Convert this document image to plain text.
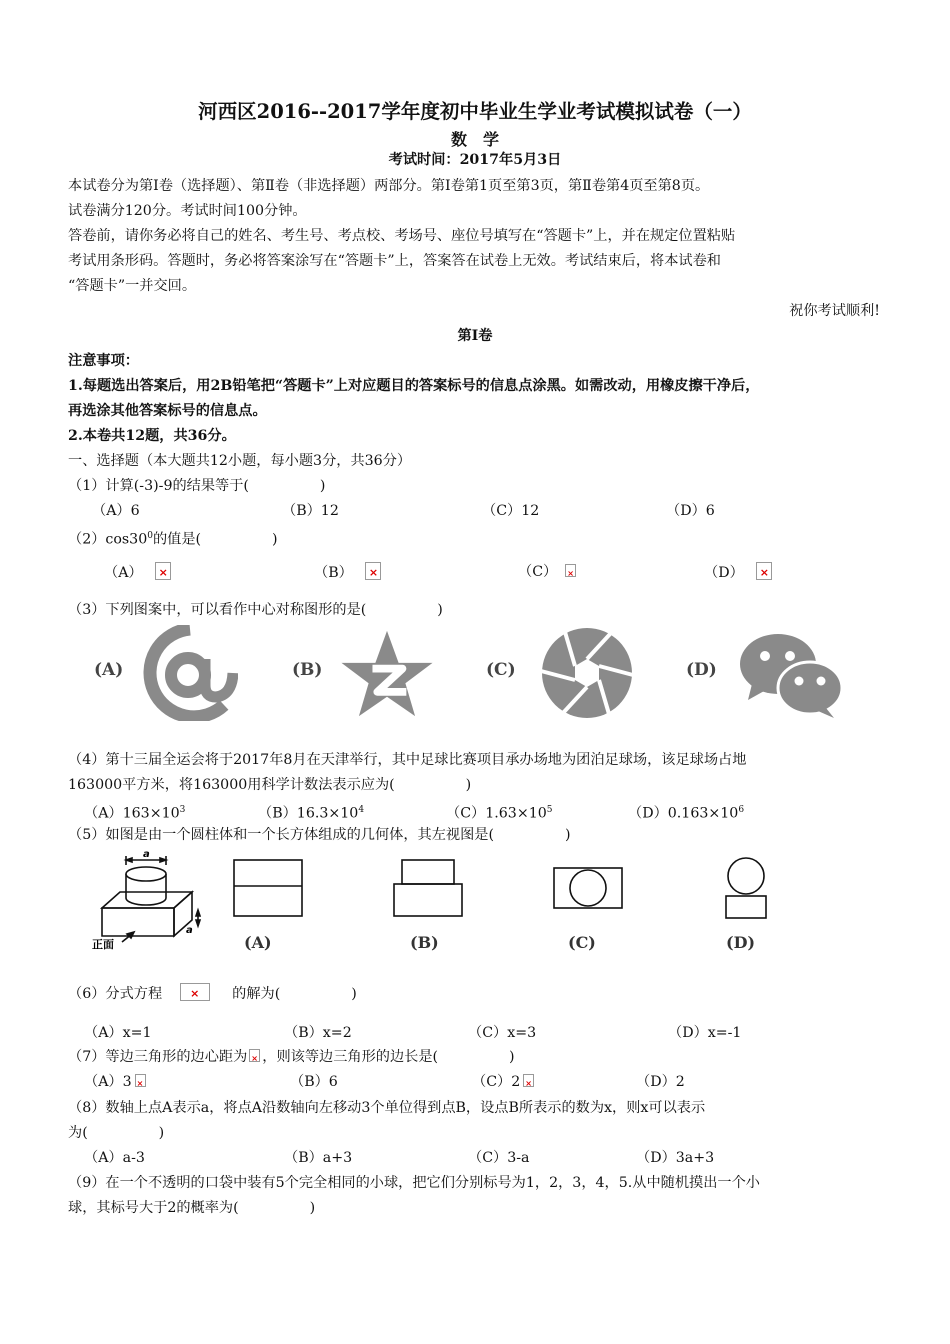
河西区2016--2017学年度初中毕业生学业考试模拟试卷（一）
数　学
考试时间：2017年5月3日
本试卷分为第Ⅰ卷（选择题）、第Ⅱ卷（非选择题）两部分。第Ⅰ卷第1页至第3页，第Ⅱ卷第4页至第8页。
试卷满分120分。考试时间100分钟。
答卷前，请你务必将自己的姓名、考生号、考点校、考场号、座位号填写在“答题卡”上，并在规定位置粘贴
考试用条形码。答题时，务必将答案涂写在“答题卡”上，答案答在试卷上无效。考试结束后，将本试卷和
“答题卡”一并交回。
祝你考试顺利!
第Ⅰ卷
注意事项：
1.每题选出答案后，用2B铅笔把“答题卡”上对应题目的答案标号的信息点涂黑。如需改动，用橡皮擦干净后，
再选涂其他答案标号的信息点。
2.本卷共12题，共36分。
一、选择题（本大题共12小题，每小题3分，共36分）
（1）计算(-3)-9的结果等于(　　　　　)
（A）6	（B）12	（C）12	（D）6
$(2)\cos 30^0$的值是(　　　　　)
（A） ×	（B） ×	（C） ×	（D）×
（3）下列图案中，可以看作中心对称图形的是(　　　　　)
(A)	(B)	(C)	(D)
（4）第十三届全运会将于2017年8月在天津举行，其中足球比赛项目承办场地为团泊足球场，该足球场占地
163000平方米，将163000用科学计数法表示应为(　　　　　)
$(A)163\times 10^3$	$(B)16.3\times 10^4$	$(C)1.63\times 10^5$	$(D)0.163\times 10^6$
（5）如图是由一个圆柱体和一个长方体组成的几何体，其左视图是(　　　　　)
a
a
正面	(A)	(B)	(C)	(D)
（6）分式方程 ×	的解为(　　　　　)
（A）x=1	（B）x=2	（C）x=3	（D）x=-1
（7）等边三角形的边心距为 × ，则该等边三角形的边长是(　　　　　)
（A）3 ×	（B）6	（C）2 ×	（D）2
（8）数轴上点A表示a，将点A沿数轴向左移动3个单位得到点B，设点B所表示的数为x，则x可以表示
为(　　　　　)
（A）a-3	（B）a+3	（C）3-a	（D）3a+3
（9）在一个不透明的口袋中装有5个完全相同的小球，把它们分别标号为1，2，3，4，5.从中随机摸出一个小
球，其标号大于2的概率为(　　　　　)
